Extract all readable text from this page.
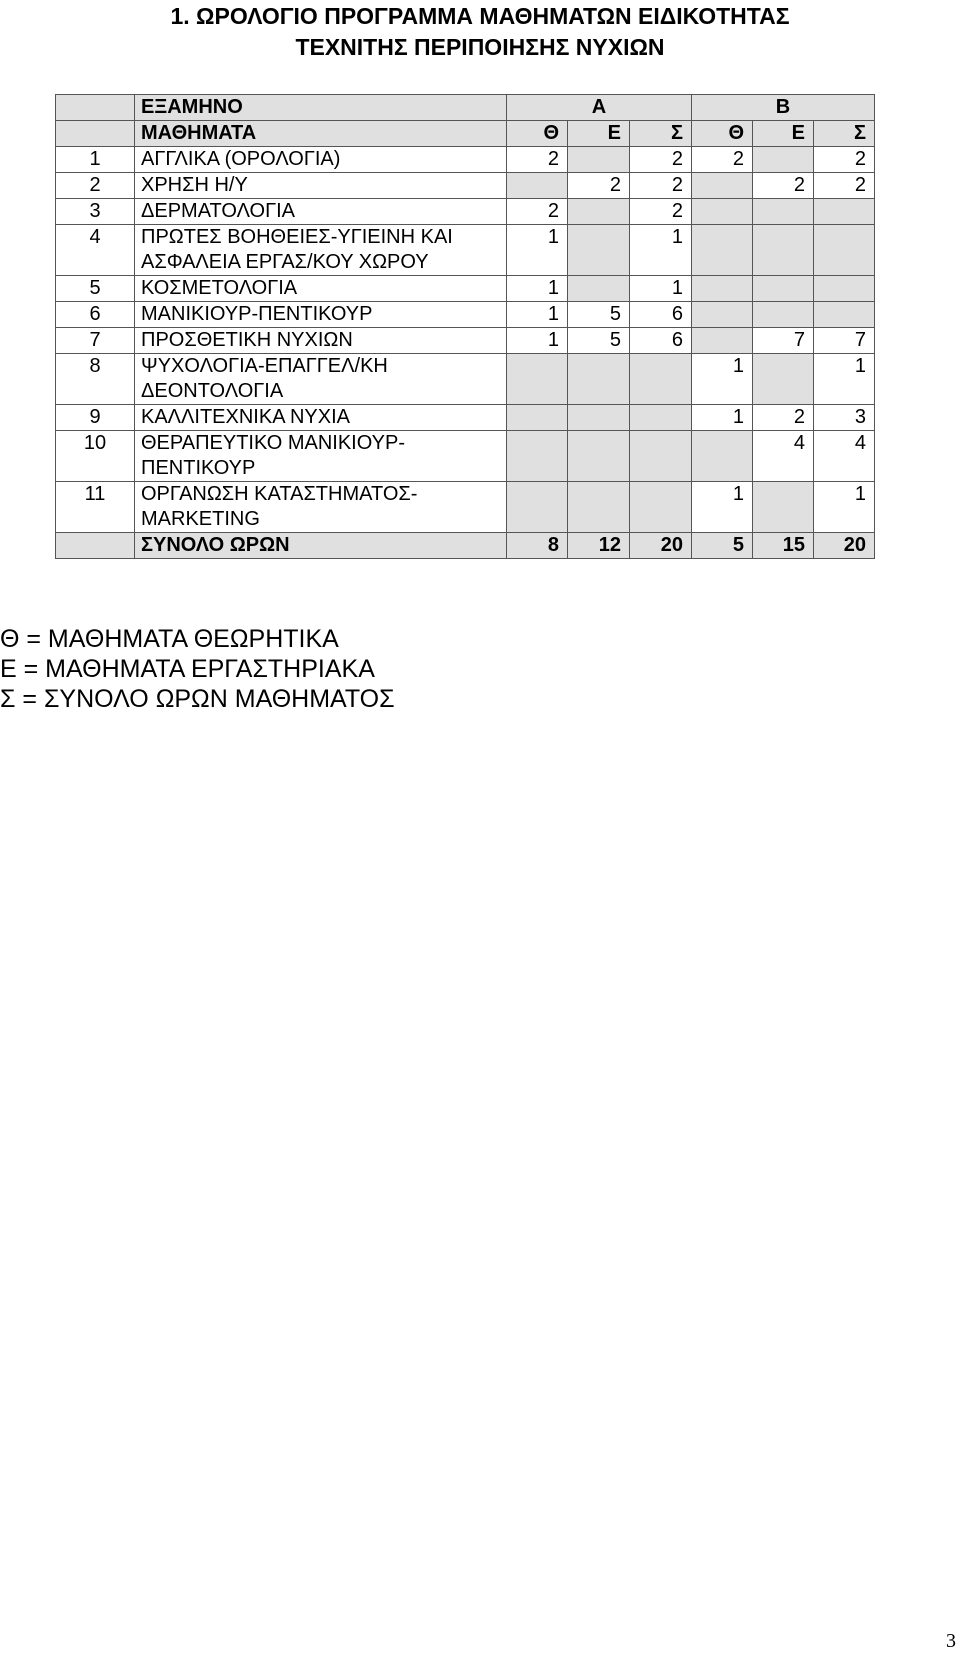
1. ΩΡΟΛΟΓΙΟ ΠΡΟΓΡΑΜΜΑ ΜΑΘΗΜΑΤΩΝ ΕΙΔΙΚΟΤΗΤΑΣ
ΤΕΧΝΙΤΗΣ ΠΕΡΙΠΟΙΗΣΗΣ ΝΥΧΙΩΝ
	ΕΞΑΜΗΝΟ	Α			Β		
	ΜΑΘΗΜΑΤΑ	Θ	Ε	Σ	Θ	Ε	Σ
1	ΑΓΓΛΙΚΑ (ΟΡΟΛΟΓΙΑ)	2		2	2		2
2	ΧΡΗΣΗ Η/Υ		2	2		2	2
3	ΔΕΡΜΑΤΟΛΟΓΙΑ	2		2			
4	ΠΡΩΤΕΣ ΒΟΗΘΕΙΕΣ-ΥΓΙΕΙΝΗ ΚΑΙ ΑΣΦΑΛΕΙΑ ΕΡΓΑΣ/ΚΟΥ ΧΩΡΟΥ	1		1			
5	ΚΟΣΜΕΤΟΛΟΓΙΑ	1		1			
6	ΜΑΝΙΚΙΟΥΡ-ΠΕΝΤΙΚΟΥΡ	1	5	6			
7	ΠΡΟΣΘΕΤΙΚΗ ΝΥΧΙΩΝ	1	5	6		7	7
8	ΨΥΧΟΛΟΓΙΑ-ΕΠΑΓΓΕΛ/ΚΗ ΔΕΟΝΤΟΛΟΓΙΑ				1		1
9	ΚΑΛΛΙΤΕΧΝΙΚΑ ΝΥΧΙΑ				1	2	3
10	ΘΕΡΑΠΕΥΤΙΚΟ ΜΑΝΙΚΙΟΥΡ-ΠΕΝΤΙΚΟΥΡ					4	4
11	ΟΡΓΑΝΩΣΗ ΚΑΤΑΣΤΗΜΑΤΟΣ-MARKETING				1		1
	ΣΥΝΟΛΟ ΩΡΩΝ	8	12	20	5	15	20
Θ = ΜΑΘΗΜΑΤΑ ΘΕΩΡΗΤΙΚΑ
Ε = ΜΑΘΗΜΑΤΑ ΕΡΓΑΣΤΗΡΙΑΚΑ
Σ = ΣΥΝΟΛΟ ΩΡΩΝ ΜΑΘΗΜΑΤΟΣ
3
